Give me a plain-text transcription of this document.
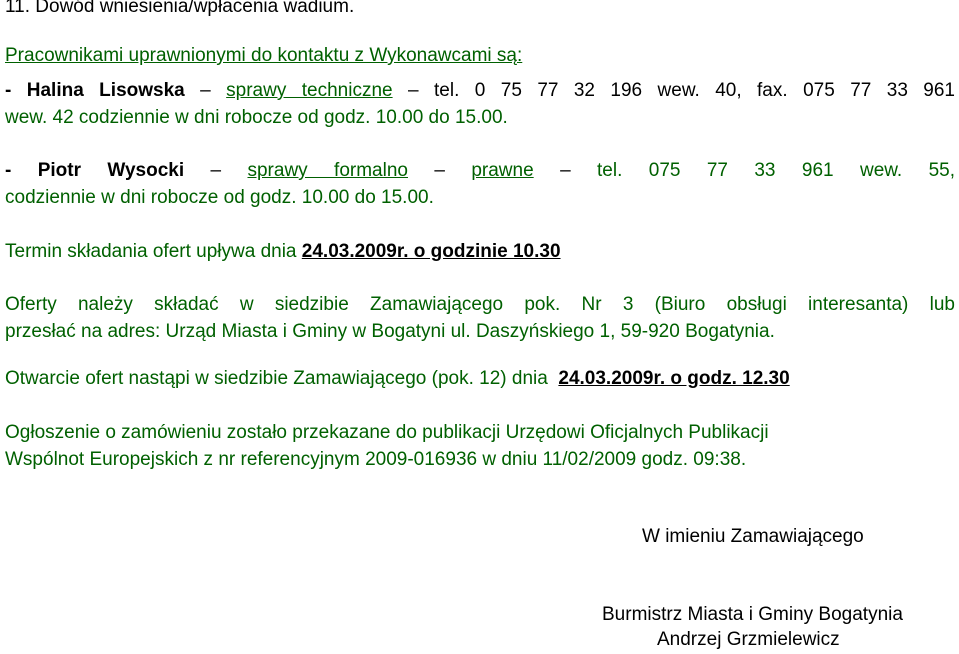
11. Dowód wniesienia/wpłacenia wadium.
Pracownikami uprawnionymi do kontaktu z Wykonawcami są:
- Halina Lisowska – sprawy techniczne – tel. 0 75 77 32 196 wew. 40, fax. 075 77 33 961
wew. 42 codziennie w dni robocze od godz. 10.00 do 15.00.
- Piotr Wysocki – sprawy formalno – prawne – tel. 075 77 33 961 wew. 55,
codziennie w dni robocze od godz. 10.00 do 15.00.
Termin składania ofert upływa dnia 24.03.2009r. o godzinie 10.30
Oferty należy składać w siedzibie Zamawiającego pok. Nr 3 (Biuro obsługi interesanta) lub
przesłać na adres: Urząd Miasta i Gminy w Bogatyni ul. Daszyńskiego 1, 59-920 Bogatynia.
Otwarcie ofert nastąpi w siedzibie Zamawiającego (pok. 12) dnia 24.03.2009r. o godz. 12.30
Ogłoszenie o zamówieniu zostało przekazane do publikacji Urzędowi Oficjalnych Publikacji
Wspólnot Europejskich z nr referencyjnym 2009-016936 w dniu 11/02/2009 godz. 09:38.
W imieniu Zamawiającego
Burmistrz Miasta i Gminy Bogatynia
Andrzej Grzmielewicz
